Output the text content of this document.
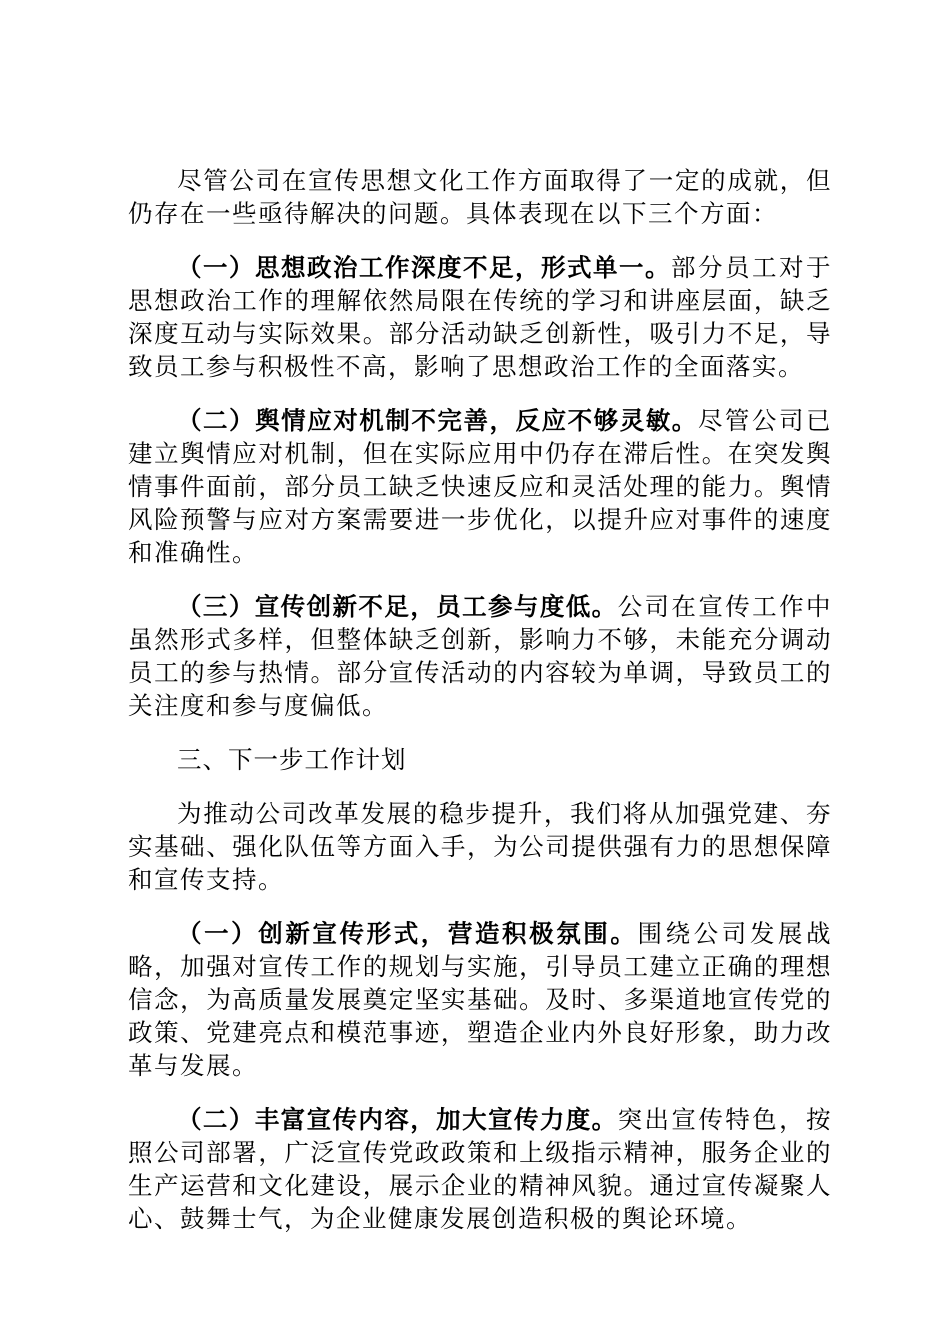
尽管公司在宣传思想文化工作方面取得了一定的成就，但仍存在一些亟待解决的问题。具体表现在以下三个方面：

（一）思想政治工作深度不足，形式单一。部分员工对于思想政治工作的理解依然局限在传统的学习和讲座层面，缺乏深度互动与实际效果。部分活动缺乏创新性，吸引力不足，导致员工参与积极性不高，影响了思想政治工作的全面落实。

（二）舆情应对机制不完善，反应不够灵敏。尽管公司已建立舆情应对机制，但在实际应用中仍存在滞后性。在突发舆情事件面前，部分员工缺乏快速反应和灵活处理的能力。舆情风险预警与应对方案需要进一步优化，以提升应对事件的速度和准确性。

（三）宣传创新不足，员工参与度低。公司在宣传工作中虽然形式多样，但整体缺乏创新，影响力不够，未能充分调动员工的参与热情。部分宣传活动的内容较为单调，导致员工的关注度和参与度偏低。

三、下一步工作计划

为推动公司改革发展的稳步提升，我们将从加强党建、夯实基础、强化队伍等方面入手，为公司提供强有力的思想保障和宣传支持。

（一）创新宣传形式，营造积极氛围。围绕公司发展战略，加强对宣传工作的规划与实施，引导员工建立正确的理想信念，为高质量发展奠定坚实基础。及时、多渠道地宣传党的政策、党建亮点和模范事迹，塑造企业内外良好形象，助力改革与发展。

（二）丰富宣传内容，加大宣传力度。突出宣传特色，按照公司部署，广泛宣传党政政策和上级指示精神，服务企业的生产运营和文化建设，展示企业的精神风貌。通过宣传凝聚人心、鼓舞士气，为企业健康发展创造积极的舆论环境。
